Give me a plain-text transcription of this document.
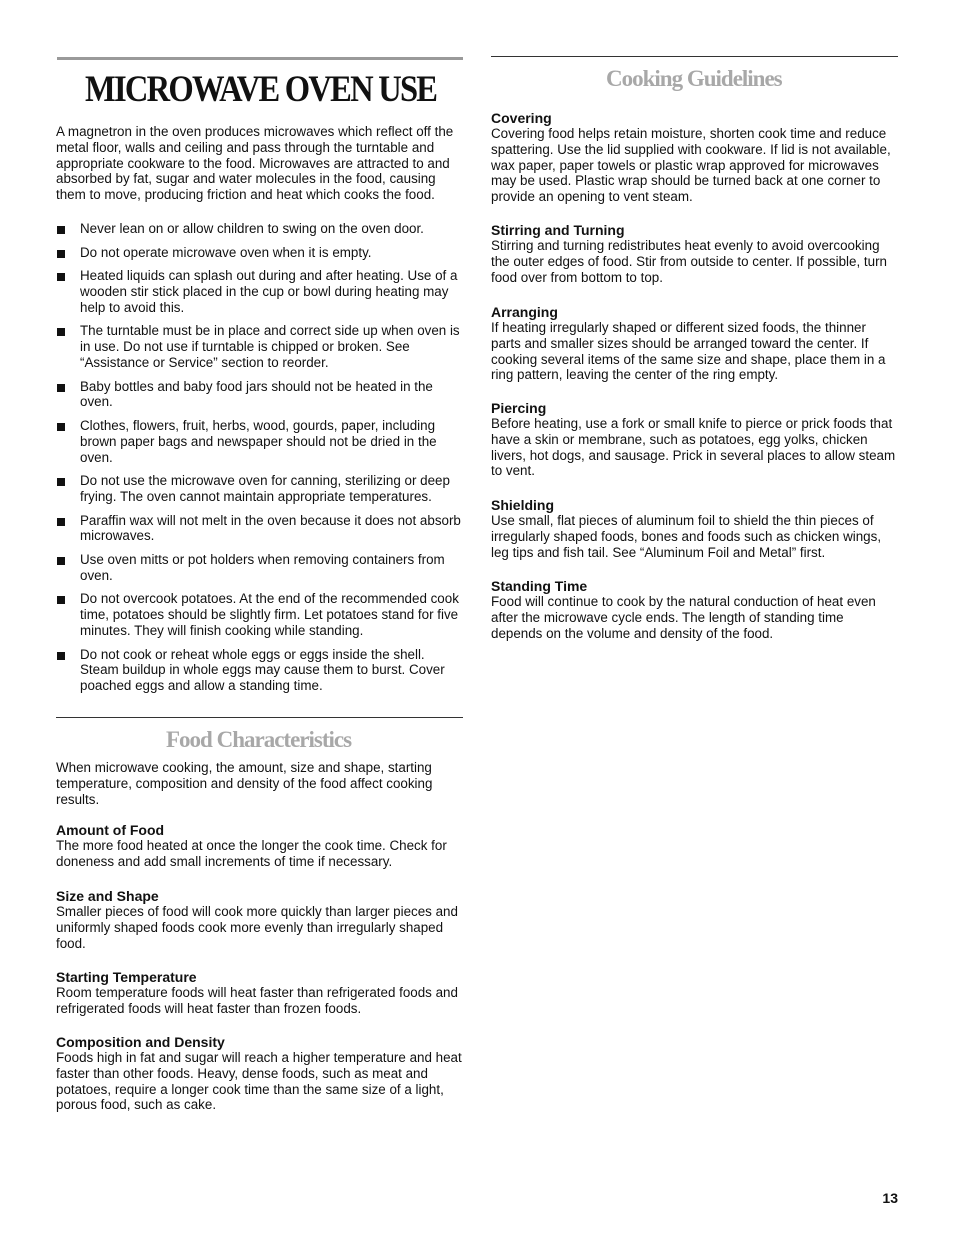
MICROWAVE OVEN USE

A magnetron in the oven produces microwaves which reflect off the metal floor, walls and ceiling and pass through the turntable and appropriate cookware to the food. Microwaves are attracted to and absorbed by fat, sugar and water molecules in the food, causing them to move, producing friction and heat which cooks the food.

Never lean on or allow children to swing on the oven door.
Do not operate microwave oven when it is empty.
Heated liquids can splash out during and after heating. Use of a wooden stir stick placed in the cup or bowl during heating may help to avoid this.
The turntable must be in place and correct side up when oven is in use. Do not use if turntable is chipped or broken. See “Assistance or Service” section to reorder.
Baby bottles and baby food jars should not be heated in the oven.
Clothes, flowers, fruit, herbs, wood, gourds, paper, including brown paper bags and newspaper should not be dried in the oven.
Do not use the microwave oven for canning, sterilizing or deep frying. The oven cannot maintain appropriate temperatures.
Paraffin wax will not melt in the oven because it does not absorb microwaves.
Use oven mitts or pot holders when removing containers from oven.
Do not overcook potatoes. At the end of the recommended cook time, potatoes should be slightly firm. Let potatoes stand for five minutes. They will finish cooking while standing.
Do not cook or reheat whole eggs or eggs inside the shell. Steam buildup in whole eggs may cause them to burst. Cover poached eggs and allow a standing time.
Food Characteristics

When microwave cooking, the amount, size and shape, starting temperature, composition and density of the food affect cooking results.

Amount of Food

The more food heated at once the longer the cook time. Check for doneness and add small increments of time if necessary.

Size and Shape

Smaller pieces of food will cook more quickly than larger pieces and uniformly shaped foods cook more evenly than irregularly shaped food.

Starting Temperature

Room temperature foods will heat faster than refrigerated foods and refrigerated foods will heat faster than frozen foods.

Composition and Density

Foods high in fat and sugar will reach a higher temperature and heat faster than other foods. Heavy, dense foods, such as meat and potatoes, require a longer cook time than the same size of a light, porous food, such as cake.

Cooking Guidelines
Covering

Covering food helps retain moisture, shorten cook time and reduce spattering. Use the lid supplied with cookware. If lid is not available, wax paper, paper towels or plastic wrap approved for microwaves may be used. Plastic wrap should be turned back at one corner to provide an opening to vent steam.

Stirring and Turning

Stirring and turning redistributes heat evenly to avoid overcooking the outer edges of food. Stir from outside to center. If possible, turn food over from bottom to top.

Arranging

If heating irregularly shaped or different sized foods, the thinner parts and smaller sizes should be arranged toward the center. If cooking several items of the same size and shape, place them in a ring pattern, leaving the center of the ring empty.

Piercing

Before heating, use a fork or small knife to pierce or prick foods that have a skin or membrane, such as potatoes, egg yolks, chicken livers, hot dogs, and sausage. Prick in several places to allow steam to vent.

Shielding

Use small, flat pieces of aluminum foil to shield the thin pieces of irregularly shaped foods, bones and foods such as chicken wings, leg tips and fish tail. See “Aluminum Foil and Metal” first.

Standing Time

Food will continue to cook by the natural conduction of heat even after the microwave cycle ends. The length of standing time depends on the volume and density of the food.

13
